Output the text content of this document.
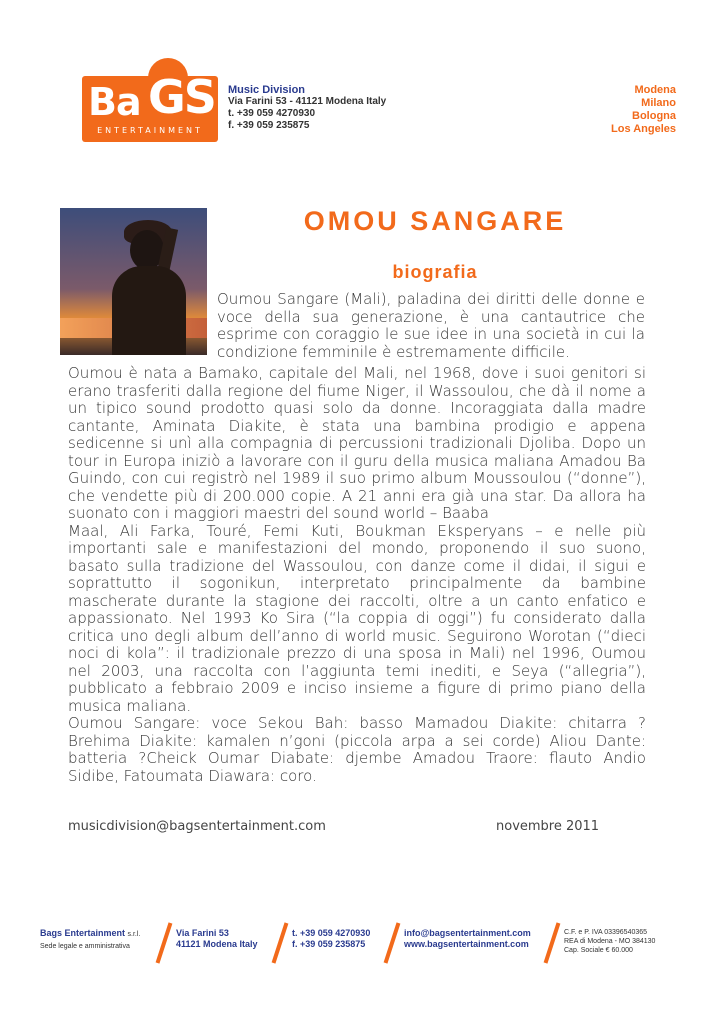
Ba GS
ENTERTAINMENT
Music Division
Via Farini 53 - 41121 Modena Italy
t. +39 059 4270930
f. +39 059 235875
Modena
Milano
Bologna
Los Angeles
OMOU SANGARE
biografia
Oumou Sangare (Mali), paladina dei diritti delle donne e voce della sua generazione, è una cantautrice che esprime con coraggio le sue idee in una società in cui la condizione femminile è estremamente difficile.

Oumou è nata a Bamako, capitale del Mali, nel 1968, dove i suoi genitori si erano trasferiti dalla regione del fiume Niger, il Wassoulou, che dà il nome a un tipico sound prodotto quasi solo da donne. Incoraggiata dalla madre cantante, Aminata Diakite, è stata una bambina prodigio e appena sedicenne si unì alla compagnia di percussioni tradizionali Djoliba. Dopo un tour in Europa iniziò a lavorare con il guru della musica maliana Amadou Ba Guindo, con cui registrò nel 1989 il suo primo album Moussoulou (“donne”), che vendette più di 200.000 copie. A 21 anni era già una star. Da allora ha suonato con i maggiori maestri del sound world – Baaba

Maal, Ali Farka, Touré, Femi Kuti, Boukman Eksperyans – e nelle più importanti sale e manifestazioni del mondo, proponendo il suo suono, basato sulla tradizione del Wassoulou, con danze come il didai, il sigui e soprattutto il sogonikun, interpretato principalmente da bambine mascherate durante la stagione dei raccolti, oltre a un canto enfatico e appassionato. Nel 1993 Ko Sira (“la coppia di oggi”) fu considerato dalla critica uno degli album dell’anno di world music. Seguirono Worotan (“dieci noci di kola”: il tradizionale prezzo di una sposa in Mali) nel 1996, Oumou nel 2003, una raccolta con l’aggiunta temi inediti, e Seya (“allegria”), pubblicato a febbraio 2009 e inciso insieme a figure di primo piano della musica maliana.

Oumou Sangare: voce Sekou Bah: basso Mamadou Diakite: chitarra ?Brehima Diakite: kamalen n’goni (piccola arpa a sei corde) Aliou Dante: batteria ?Cheick Oumar Diabate: djembe Amadou Traore: flauto Andio Sidibe, Fatoumata Diawara: coro.

musicdivision@bagsentertainment.com	novembre 2011
Bags Entertainment s.r.l.
Sede legale e amministrativa
Via Farini 53
41121 Modena Italy
t. +39 059 4270930
f. +39 059 235875
info@bagsentertainment.com
www.bagsentertainment.com
C.F. e P. IVA 03396540365
REA di Modena - MO 384130
Cap. Sociale € 60.000
